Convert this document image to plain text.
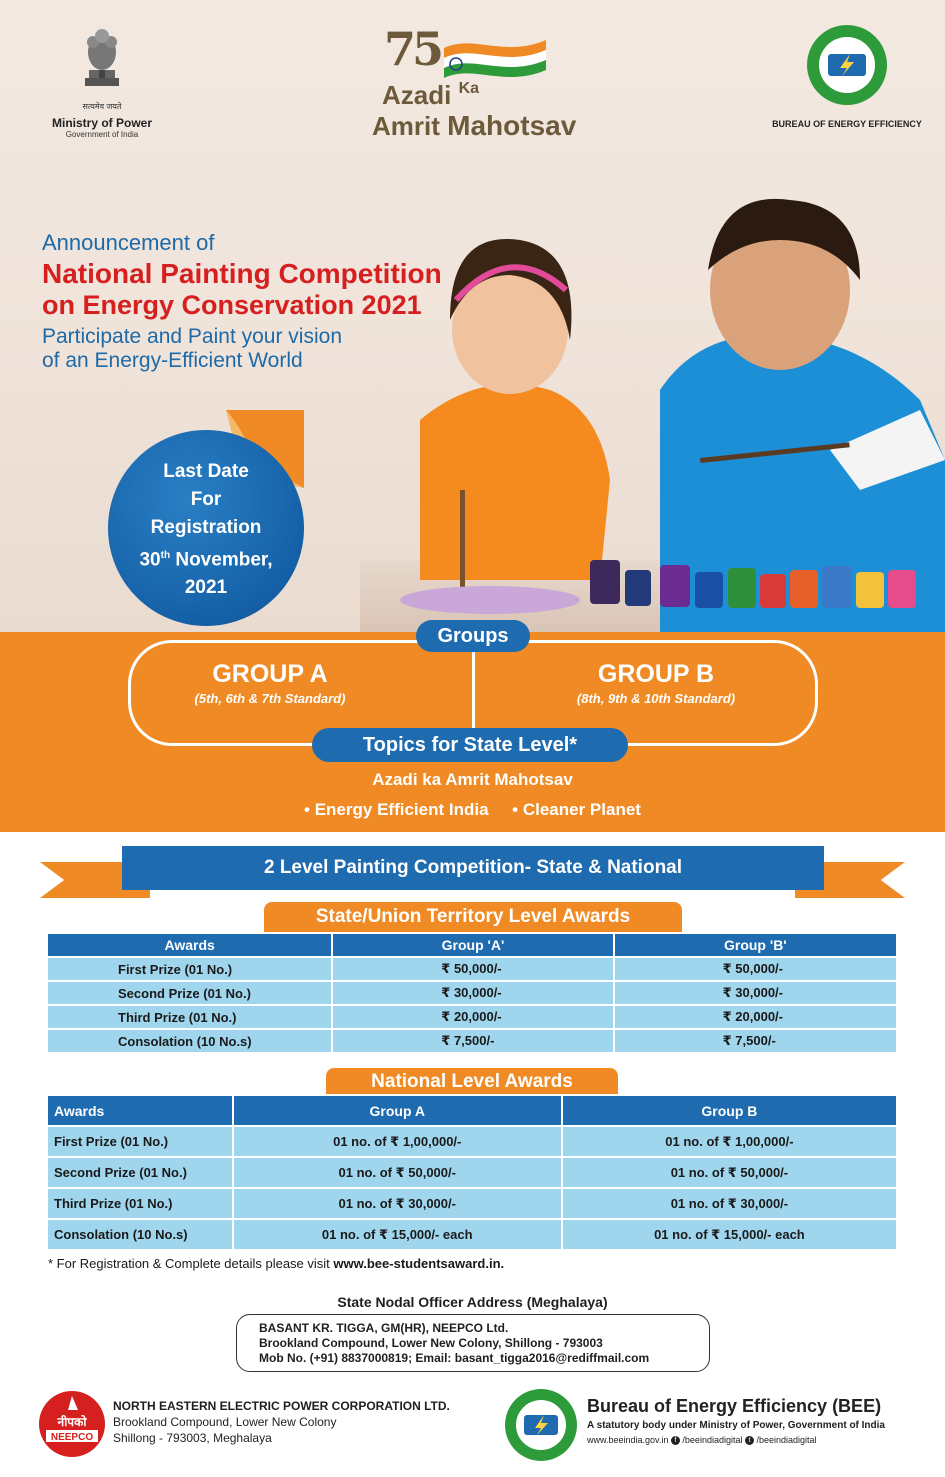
सत्यमेव जयते
Ministry of Power
Government of India
75
Azadi $^{Ka}$
Amrit Mahotsav	BUREAU OF ENERGY EFFICIENCY
Announcement of
National Painting Competition
on Energy Conservation 2021
Participate and Paint your vision
of an Energy-Efficient World
Last Date
For
Registration
30th November,
2021
Groups
GROUP A
(5th, 6th & 7th Standard)
GROUP B
(8th, 9th & 10th Standard)
Topics for State Level*
Azadi ka Amrit Mahotsav
• Energy Efficient India • Cleaner Planet
2 Level Painting Competition- State & National
State/Union Territory Level Awards
Awards	Group 'A'	Group 'B'
First Prize (01 No.)	₹ 50,000/-	₹ 50,000/-
Second Prize (01 No.)	₹ 30,000/-	₹ 30,000/-
Third Prize (01 No.)	₹ 20,000/-	₹ 20,000/-
Consolation (10 No.s)	₹ 7,500/-	₹ 7,500/-
National Level Awards
Awards	Group A	Group B
First Prize (01 No.)	01 no. of ₹ 1,00,000/-	01 no. of ₹ 1,00,000/-
Second Prize (01 No.)	01 no. of ₹ 50,000/-	01 no. of ₹ 50,000/-
Third Prize (01 No.)	01 no. of ₹ 30,000/-	01 no. of ₹ 30,000/-
Consolation (10 No.s)	01 no. of ₹ 15,000/- each	01 no. of ₹ 15,000/- each
* For Registration & Complete details please visit www.bee-studentsaward.in.
State Nodal Officer Address (Meghalaya)
BASANT KR. TIGGA, GM(HR), NEEPCO Ltd.
Brookland Compound, Lower New Colony, Shillong - 793003
Mob No. (+91) 8837000819; Email: basant_tigga2016@rediffmail.com
नीपको
NEEPCO
NORTH EASTERN ELECTRIC POWER CORPORATION LTD.
Brookland Compound, Lower New Colony
Shillong - 793003, Meghalaya
Bureau of Energy Efficiency (BEE)
A statutory body under Ministry of Power, Government of India
www.beeindia.gov.in f /beeindiadigital t /beeindiadigital
